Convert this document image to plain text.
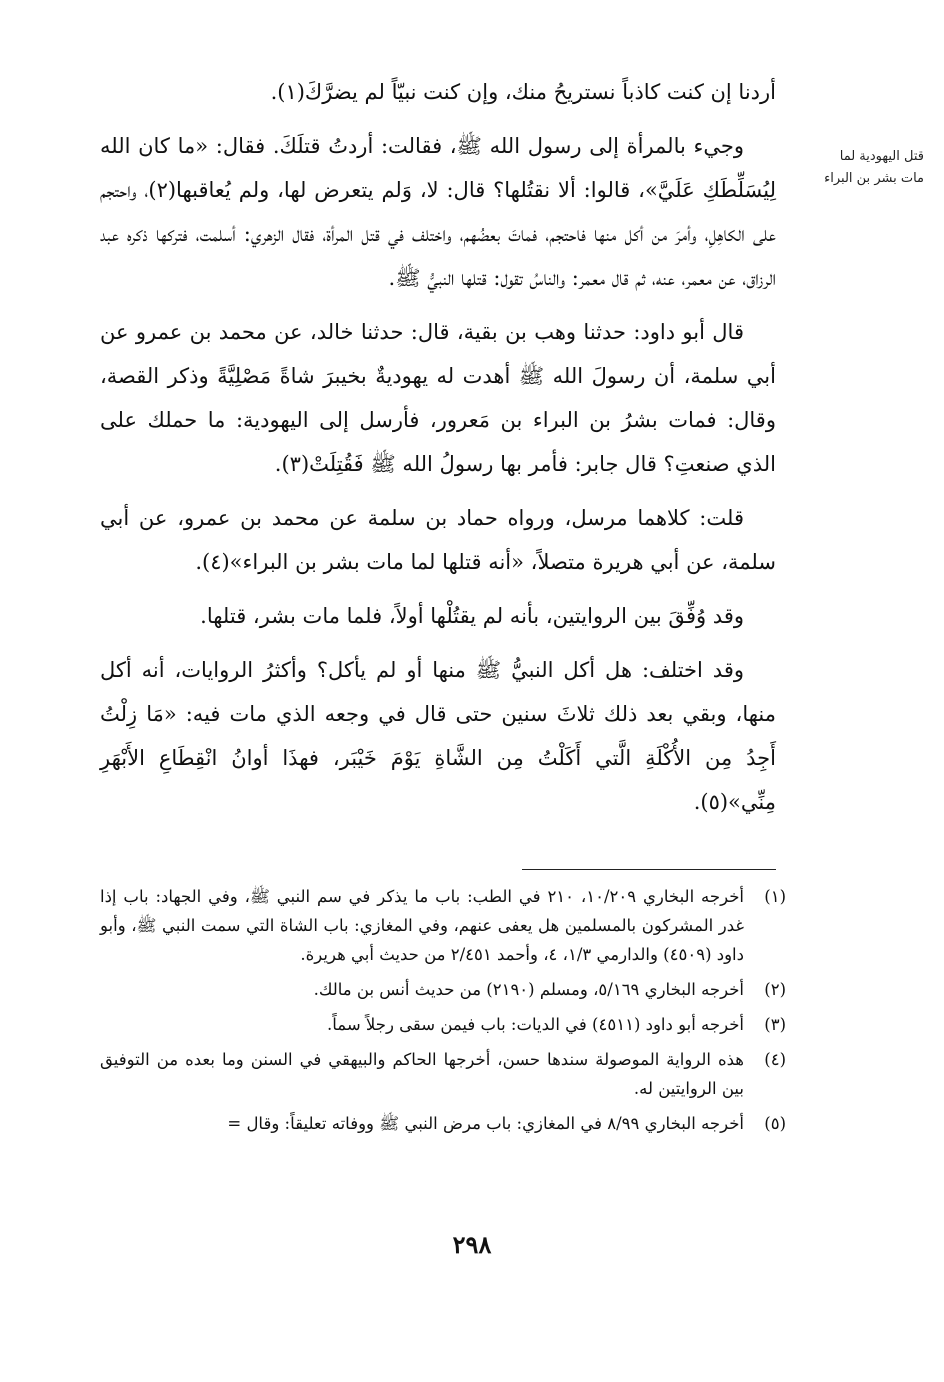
قتل اليهودية لما مات بشر بن البراء

أردنا إن كنت كاذباً نستريحُ منك، وإن كنت نبيّاً لم يضرَّكَ(١).

وجيء بالمرأة إلى رسول الله ﷺ، فقالت: أردتُ قتلَكَ. فقال: «ما كان الله لِيُسَلِّطَكِ عَلَيَّ»، قالوا: ألا نقتُلها؟ قال: لا، وَلم يتعرض لها، ولم يُعاقبها(٢)، واحتجم على الكاهِلِ، وأمرَ من أكل منها فاحتجم، فماتَ بعضُهم، واختلف في قتل المرأة، فقال الزهري: أسلمت، فتركها ذكره عبد الرزاق، عن معمر، عنه، ثم قال معمر: والناسُ تقول: قتلها النبيُّ ﷺ.

قال أبو داود: حدثنا وهب بن بقية، قال: حدثنا خالد، عن محمد بن عمرو عن أبي سلمة، أن رسولَ الله ﷺ أهدت له يهوديةٌ بخيبرَ شاةً مَصْلِيَّةً وذكر القصة، وقال: فمات بشرُ بن البراء بن مَعرور، فأرسل إلى اليهودية: ما حملك على الذي صنعتِ؟ قال جابر: فأمر بها رسولُ الله ﷺ فَقُتِلَتْ(٣).

قلت: كلاهما مرسل، ورواه حماد بن سلمة عن محمد بن عمرو، عن أبي سلمة، عن أبي هريرة متصلاً، «أنه قتلها لما مات بشر بن البراء»(٤).

وقد وُفِّقَ بين الروايتين، بأنه لم يقتُلْها أولاً، فلما مات بشر، قتلها.

وقد اختلف: هل أكل النبيُّ ﷺ منها أو لم يأكل؟ وأكثرُ الروايات، أنه أكل منها، وبقي بعد ذلك ثلاثَ سنين حتى قال في وجعه الذي مات فيه: «مَا زِلْتُ أَجِدُ مِن الأُكْلَةِ الَّتي أَكَلْتُ مِن الشَّاةِ يَوْمَ خَيْبَر، فهذَا أوانُ انْقِطَاعِ الأَبْهَرِ مِنِّي»(٥).

(١)
أخرجه البخاري ١٠/٢٠٩، ٢١٠ في الطب: باب ما يذكر في سم النبي ﷺ، وفي الجهاد: باب إذا غدر المشركون بالمسلمين هل يعفى عنهم، وفي المغازي: باب الشاة التي سمت النبي ﷺ، وأبو داود (٤٥٠٩) والدارمي ١/٣، ٤، وأحمد ٢/٤٥١ من حديث أبي هريرة.
(٢)
أخرجه البخاري ٥/١٦٩، ومسلم (٢١٩٠) من حديث أنس بن مالك.
(٣)
أخرجه أبو داود (٤٥١١) في الديات: باب فيمن سقى رجلاً سماً.
(٤)
هذه الرواية الموصولة سندها حسن، أخرجها الحاكم والبيهقي في السنن وما بعده من التوفيق بين الروايتين له.
(٥)
أخرجه البخاري ٨/٩٩ في المغازي: باب مرض النبي ﷺ ووفاته تعليقاً: وقال =
٢٩٨
